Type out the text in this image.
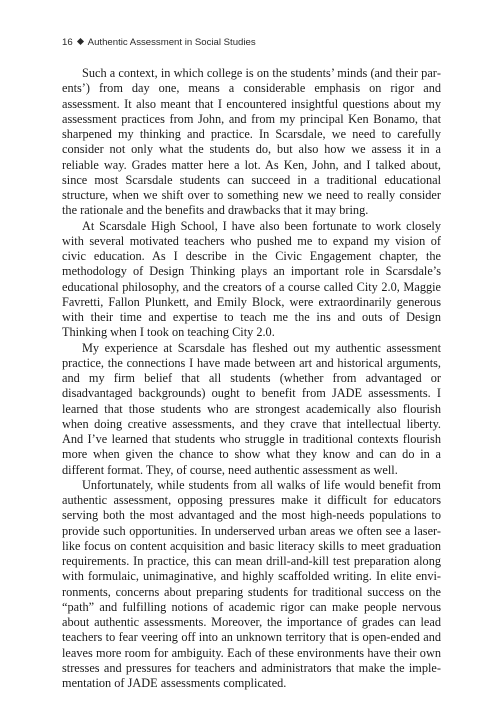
16 Authentic Assessment in Social Studies

Such a context, in which college is on the students’ minds (and their parents’) from day one, means a considerable emphasis on rigor and assessment. It also meant that I encountered insightful questions about my assessment practices from John, and from my principal Ken Bonamo, that sharpened my thinking and practice. In Scarsdale, we need to carefully consider not only what the students do, but also how we assess it in a reliable way. Grades matter here a lot. As Ken, John, and I talked about, since most Scarsdale students can succeed in a traditional educational structure, when we shift over to something new we need to really consider the rationale and the benefits and drawbacks that it may bring.

At Scarsdale High School, I have also been fortunate to work closely with several motivated teachers who pushed me to expand my vision of civic education. As I describe in the Civic Engagement chapter, the methodology of Design Thinking plays an important role in Scarsdale’s educational philosophy, and the creators of a course called City 2.0, Maggie Favretti, Fallon Plunkett, and Emily Block, were extraordinarily generous with their time and expertise to teach me the ins and outs of Design Thinking when I took on teaching City 2.0.

My experience at Scarsdale has fleshed out my authentic assessment practice, the connections I have made between art and historical arguments, and my firm belief that all students (whether from advantaged or disadvantaged backgrounds) ought to benefit from JADE assessments. I learned that those students who are strongest academically also flourish when doing creative assessments, and they crave that intellectual liberty. And I’ve learned that students who struggle in traditional contexts flourish more when given the chance to show what they know and can do in a different format. They, of course, need authentic assessment as well.

Unfortunately, while students from all walks of life would benefit from authentic assessment, opposing pressures make it difficult for educators serving both the most advantaged and the most high-needs populations to provide such opportunities. In underserved urban areas we often see a laser-like focus on content acquisition and basic literacy skills to meet graduation requirements. In practice, this can mean drill-and-kill test preparation along with formulaic, unimaginative, and highly scaffolded writing. In elite environments, concerns about preparing students for traditional success on the “path” and fulfilling notions of academic rigor can make people nervous about authentic assessments. Moreover, the importance of grades can lead teachers to fear veering off into an unknown territory that is open-ended and leaves more room for ambiguity. Each of these environments have their own stresses and pressures for teachers and administrators that make the implementation of JADE assessments complicated.
